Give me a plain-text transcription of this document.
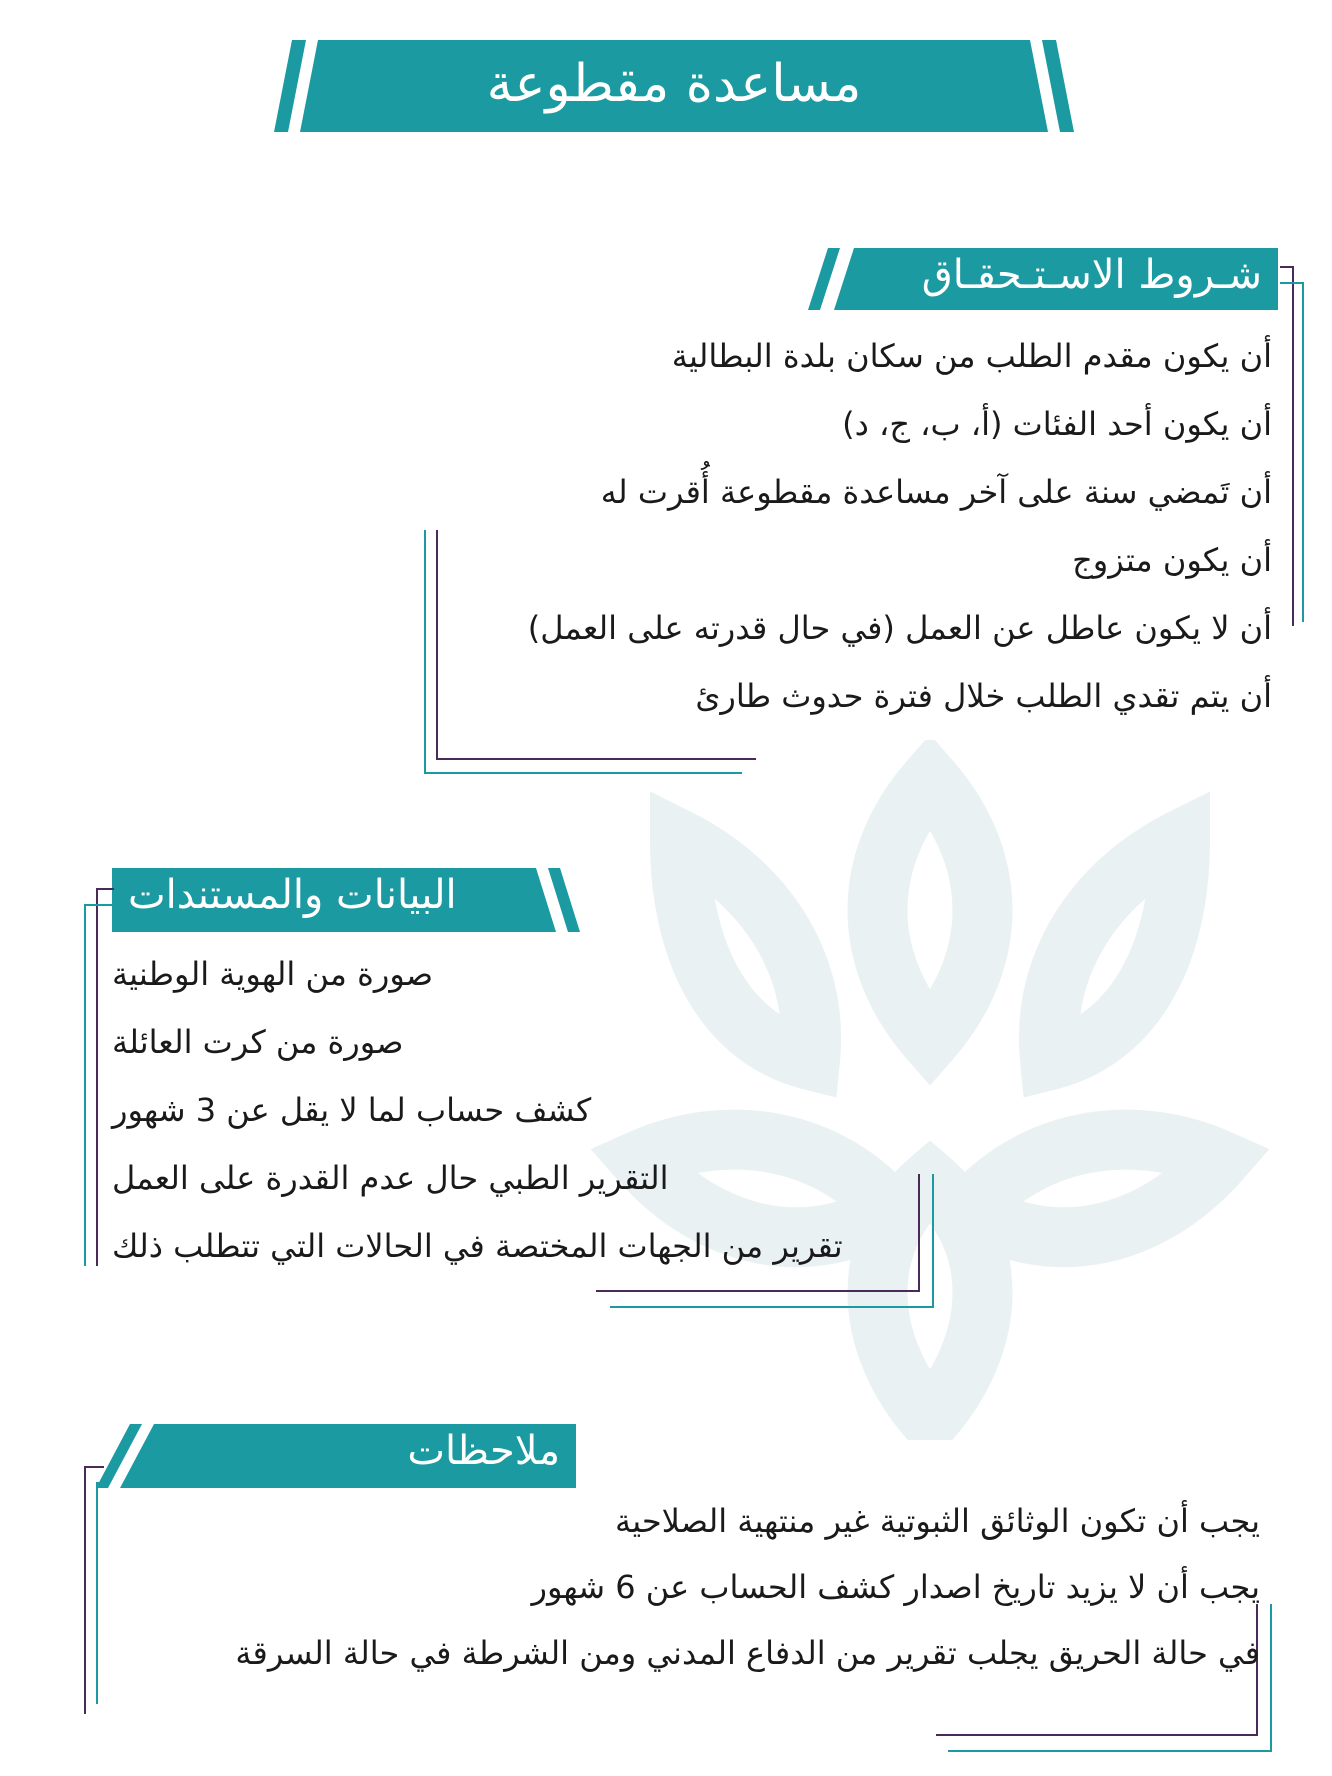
مساعدة مقطوعة
شـروط الاسـتـحقـاق
أن يكون مقدم الطلب من سكان بلدة البطالية
أن يكون أحد الفئات (أ، ب، ج، د)
أن تَمضي سنة على آخر مساعدة مقطوعة أُقرت له
أن يكون متزوج
أن لا يكون عاطل عن العمل (في حال قدرته على العمل)
أن يتم تقدي الطلب خلال فترة حدوث طارئ
البيانات والمستندات
صورة من الهوية الوطنية
صورة من كرت العائلة
كشف حساب لما لا يقل عن 3 شهور
التقرير الطبي حال عدم القدرة على العمل
تقرير من الجهات المختصة في الحالات التي تتطلب ذلك
ملاحظات
يجب أن تكون الوثائق الثبوتية غير منتهية الصلاحية
يجب أن لا يزيد تاريخ اصدار كشف الحساب عن 6 شهور
في حالة الحريق يجلب تقرير من الدفاع المدني ومن الشرطة في حالة السرقة
